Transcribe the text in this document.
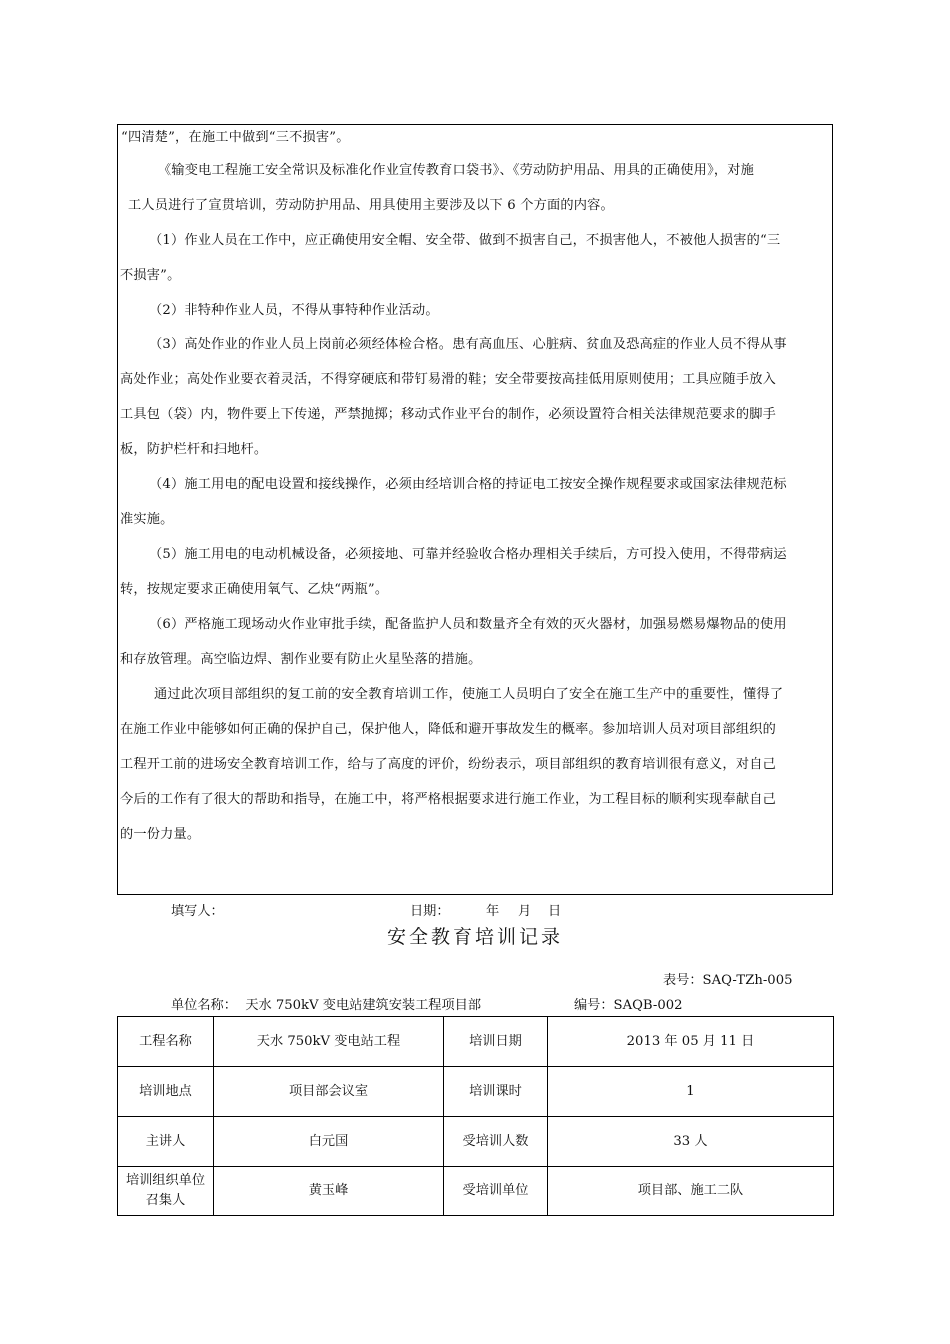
“四清楚”，在施工中做到“三不损害”。
《输变电工程施工安全常识及标准化作业宣传教育口袋书》、《劳动防护用品、用具的正确使用》，对施
工人员进行了宣贯培训，劳动防护用品、用具使用主要涉及以下 6 个方面的内容。
（1）作业人员在工作中，应正确使用安全帽、安全带、做到不损害自己，不损害他人，不被他人损害的“三
不损害”。
（2）非特种作业人员，不得从事特种作业活动。
（3）高处作业的作业人员上岗前必须经体检合格。患有高血压、心脏病、贫血及恐高症的作业人员不得从事
高处作业；高处作业要衣着灵活，不得穿硬底和带钉易滑的鞋；安全带要按高挂低用原则使用；工具应随手放入
工具包（袋）内，物件要上下传递，严禁抛掷；移动式作业平台的制作，必须设置符合相关法律规范要求的脚手
板，防护栏杆和扫地杆。
（4）施工用电的配电设置和接线操作，必须由经培训合格的持证电工按安全操作规程要求或国家法律规范标
准实施。
（5）施工用电的电动机械设备，必须接地、可靠并经验收合格办理相关手续后，方可投入使用，不得带病运
转，按规定要求正确使用氧气、乙炔“两瓶”。
（6）严格施工现场动火作业审批手续，配备监护人员和数量齐全有效的灭火器材，加强易燃易爆物品的使用
和存放管理。高空临边焊、割作业要有防止火星坠落的措施。
通过此次项目部组织的复工前的安全教育培训工作，使施工人员明白了安全在施工生产中的重要性，懂得了
在施工作业中能够如何正确的保护自己，保护他人，降低和避开事故发生的概率。参加培训人员对项目部组织的
工程开工前的进场安全教育培训工作，给与了高度的评价，纷纷表示，项目部组织的教育培训很有意义，对自己
今后的工作有了很大的帮助和指导，在施工中，将严格根据要求进行施工作业，为工程目标的顺利实现奉献自己
的一份力量。
填写人：	日期：	年 月 日
安全教育培训记录
表号：SAQ-TZh-005
单位名称：  天水 750kV 变电站建筑安装工程项目部	编号：SAQB-002
工程名称	天水 750kV 变电站工程	培训日期	2013 年 05 月 11 日
培训地点	项目部会议室	培训课时	1
主讲人	白元国	受培训人数	33 人
培训组织单位召集人	黄玉峰	受培训单位	项目部、施工二队
